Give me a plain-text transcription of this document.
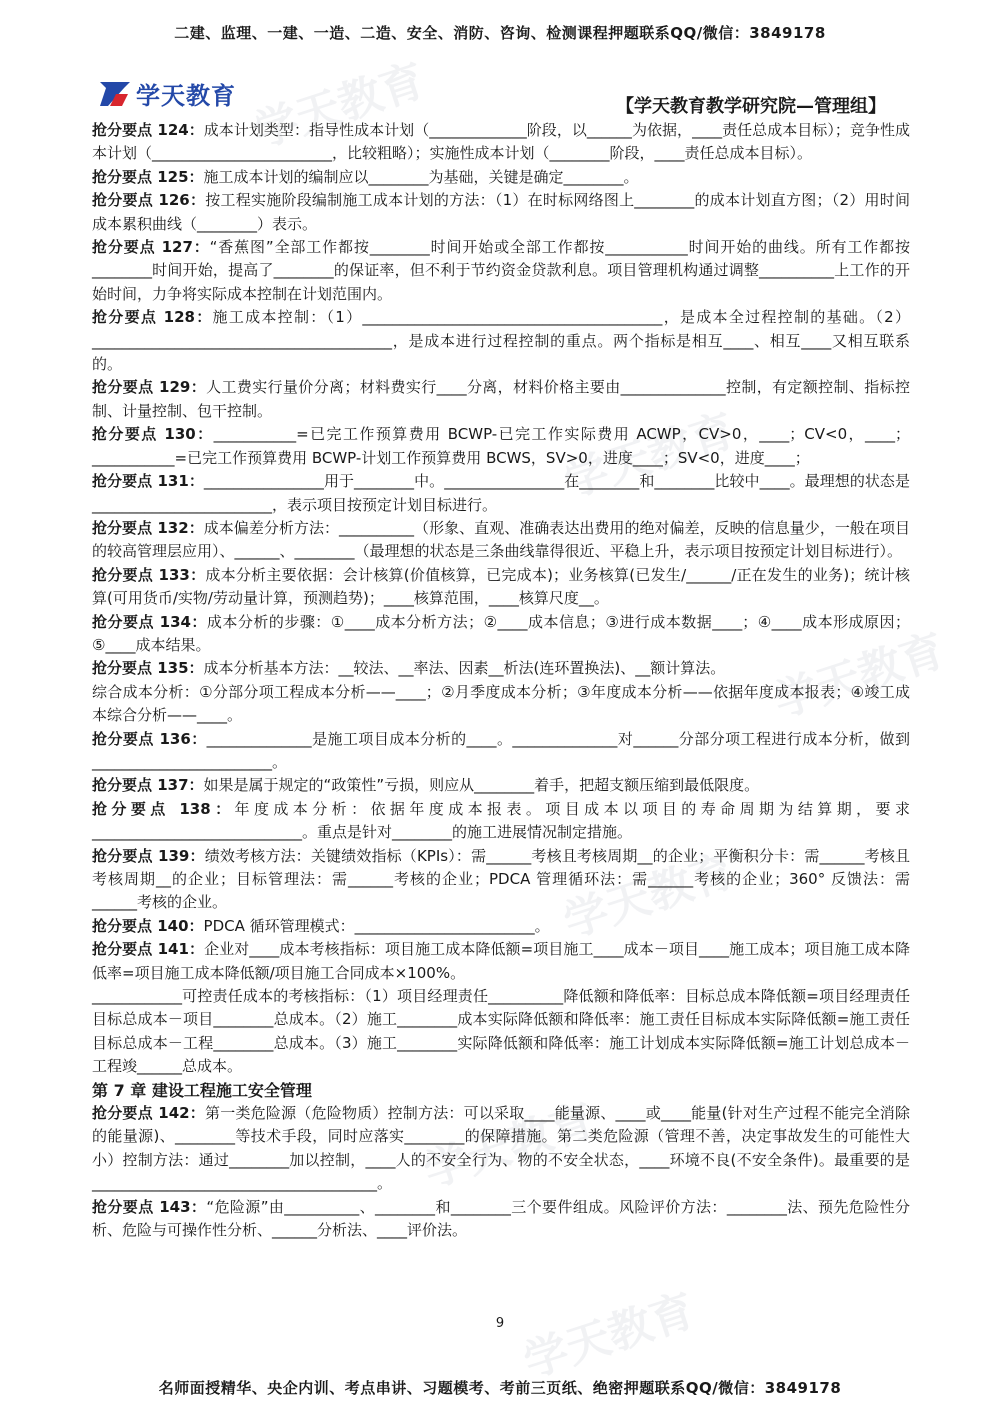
二建、监理、一建、一造、二造、安全、消防、咨询、检测课程押题联系QQ/微信：3849178
学天教育 学天教育
学天教育
学天教育
学天教育
学天教育
学天教育
【学天教育教学研究院—管理组】

抢分要点 124：成本计划类型：指导性成本计划（_____________阶段，以______为依据，____责任总成本目标）；竞争性成本计划（________________________，比较粗略）；实施性成本计划（________阶段，____责任总成本目标）。

抢分要点 125：施工成本计划的编制应以________为基础，关键是确定________。

抢分要点 126：按工程实施阶段编制施工成本计划的方法：（1）在时标网络图上________的成本计划直方图；（2）用时间成本累积曲线（________）表示。

抢分要点 127：“香蕉图”全部工作都按________时间开始或全部工作都按___________时间开始的曲线。所有工作都按________时间开始，提高了________的保证率，但不利于节约资金贷款利息。项目管理机构通过调整__________上工作的开始时间，力争将实际成本控制在计划范围内。

抢分要点 128：施工成本控制：（1）________________________________________，是成本全过程控制的基础。（2）________________________________________，是成本进行过程控制的重点。两个指标是相互____、相互____又相互联系的。

抢分要点 129：人工费实行量价分离；材料费实行____分离，材料价格主要由______________控制，有定额控制、指标控制、计量控制、包干控制。

抢分要点 130：___________=已完工作预算费用 BCWP-已完工作实际费用 ACWP，CV>0，____；CV<0，____；___________=已完工作预算费用 BCWP-计划工作预算费用 BCWS，SV>0，进度____；SV<0，进度____；

抢分要点 131：________________用于________中。________________在________和________比较中____。最理想的状态是________________________，表示项目按预定计划目标进行。

抢分要点 132：成本偏差分析方法：__________（形象、直观、准确表达出费用的绝对偏差，反映的信息量少，一般在项目的较高管理层应用）、______、________（最理想的状态是三条曲线靠得很近、平稳上升，表示项目按预定计划目标进行）。

抢分要点 133：成本分析主要依据：会计核算(价值核算，已完成本)；业务核算(已发生/______/正在发生的业务)；统计核算(可用货币/实物/劳动量计算，预测趋势)；____核算范围，____核算尺度__。

抢分要点 134：成本分析的步骤：①____成本分析方法；②____成本信息；③进行成本数据____；④____成本形成原因；⑤____成本结果。

抢分要点 135：成本分析基本方法：__较法、__率法、因素__析法(连环置换法)、__额计算法。

综合成本分析：①分部分项工程成本分析——____；②月季度成本分析；③年度成本分析——依据年度成本报表；④竣工成本综合分析——____。

抢分要点 136：______________是施工项目成本分析的____。______________对______分部分项工程进行成本分析，做到________________________。

抢分要点 137：如果是属于规定的“政策性”亏损，则应从________着手，把超支额压缩到最低限度。

抢分要点 138：年度成本分析：依据年度成本报表。项目成本以项目的寿命周期为结算期，要求____________________________。重点是针对________的施工进展情况制定措施。

抢分要点 139：绩效考核方法：关键绩效指标（KPIs）：需______考核且考核周期__的企业；平衡积分卡：需______考核且考核周期__的企业；目标管理法：需______考核的企业；PDCA 管理循环法：需______考核的企业；360° 反馈法：需______考核的企业。

抢分要点 140：PDCA 循环管理模式：________________________。

抢分要点 141：企业对____成本考核指标：项目施工成本降低额=项目施工____成本－项目____施工成本；项目施工成本降低率=项目施工成本降低额/项目施工合同成本×100%。

____________可控责任成本的考核指标：（1）项目经理责任__________降低额和降低率：目标总成本降低额=项目经理责任目标总成本－项目________总成本。（2）施工________成本实际降低额和降低率：施工责任目标成本实际降低额=施工责任目标总成本－工程________总成本。（3）施工________实际降低额和降低率：施工计划成本实际降低额=施工计划总成本－工程竣______总成本。

第 7 章 建设工程施工安全管理

抢分要点 142：第一类危险源（危险物质）控制方法：可以采取____能量源、____或____能量(针对生产过程不能完全消除的能量源)、________等技术手段，同时应落实________的保障措施。第二类危险源（管理不善，决定事故发生的可能性大小）控制方法：通过________加以控制，____人的不安全行为、物的不安全状态，____环境不良(不安全条件)。最重要的是______________________________________。

抢分要点 143：“危险源”由__________、________和________三个要件组成。风险评价方法：________法、预先危险性分析、危险与可操作性分析、______分析法、____评价法。

9
名师面授精华、央企内训、考点串讲、习题模考、考前三页纸、绝密押题联系QQ/微信：3849178
